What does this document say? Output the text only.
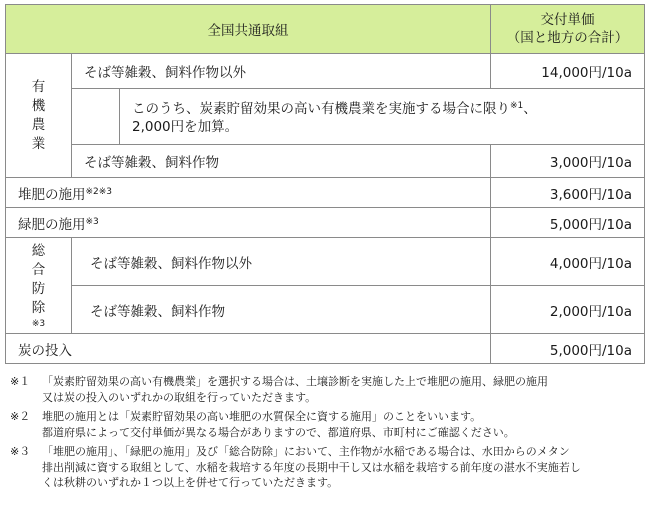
全国共通取組			交付単価
（国と地方の合計）

有
機
農
業	そば等雑穀、飼料作物以外		14,000円/10a

		このうち、炭素貯留効果の高い有機農業を実施する場合に限り$^{※1}$、
2,000円を加算。	

	そば等雑穀、飼料作物		3,000円/10a
堆肥の施用$^{※2※3}$			3,600円/10a
緑肥の施用$^{※3}$			5,000円/10a

総
合
防
除
※3	そば等雑穀、飼料作物以外		4,000円/10a
	そば等雑穀、飼料作物		2,000円/10a
炭の投入			5,000円/10a
※１	「炭素貯留効果の高い有機農業」を選択する場合は、土壌診断を実施した上で堆肥の施用、緑肥の施用
又は炭の投入のいずれかの取組を行っていただきます。
※２	堆肥の施用とは「炭素貯留効果の高い堆肥の水質保全に資する施用」のことをいいます。
都道府県によって交付単価が異なる場合がありますので、都道府県、市町村にご確認ください。
※３	「堆肥の施用」、「緑肥の施用」及び「総合防除」において、主作物が水稲である場合は、水田からのメタン
排出削減に資する取組として、水稲を栽培する年度の長期中干し又は水稲を栽培する前年度の湛水不実施若し
くは秋耕のいずれか１つ以上を併せて行っていただきます。
